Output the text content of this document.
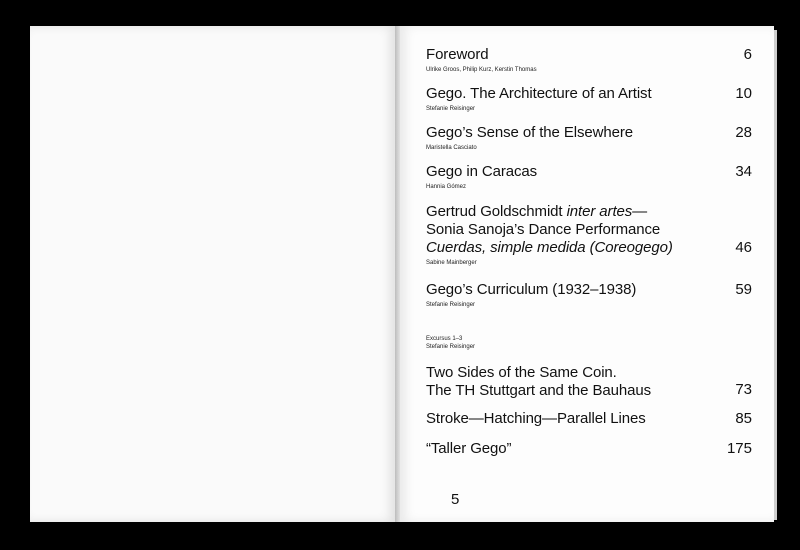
6
Foreword
Ulrike Groos, Philip Kurz, Kerstin Thomas
10
Gego. The Architecture of an Artist
Stefanie Reisinger
28
Gego’s Sense of the Elsewhere
Maristella Casciato
34
Gego in Caracas
Hannia Gómez
46
Gertrud Goldschmidt inter artes—
Sonia Sanoja’s Dance Performance
Cuerdas, simple medida (Coreogego)
Sabine Mainberger
59
Gego’s Curriculum (1932–1938)
Stefanie Reisinger
Excursus 1–3
Stefanie Reisinger
73
Two Sides of the Same Coin.
The TH Stuttgart and the Bauhaus
85
Stroke—Hatching—Parallel Lines
175
“Taller Gego”
5
